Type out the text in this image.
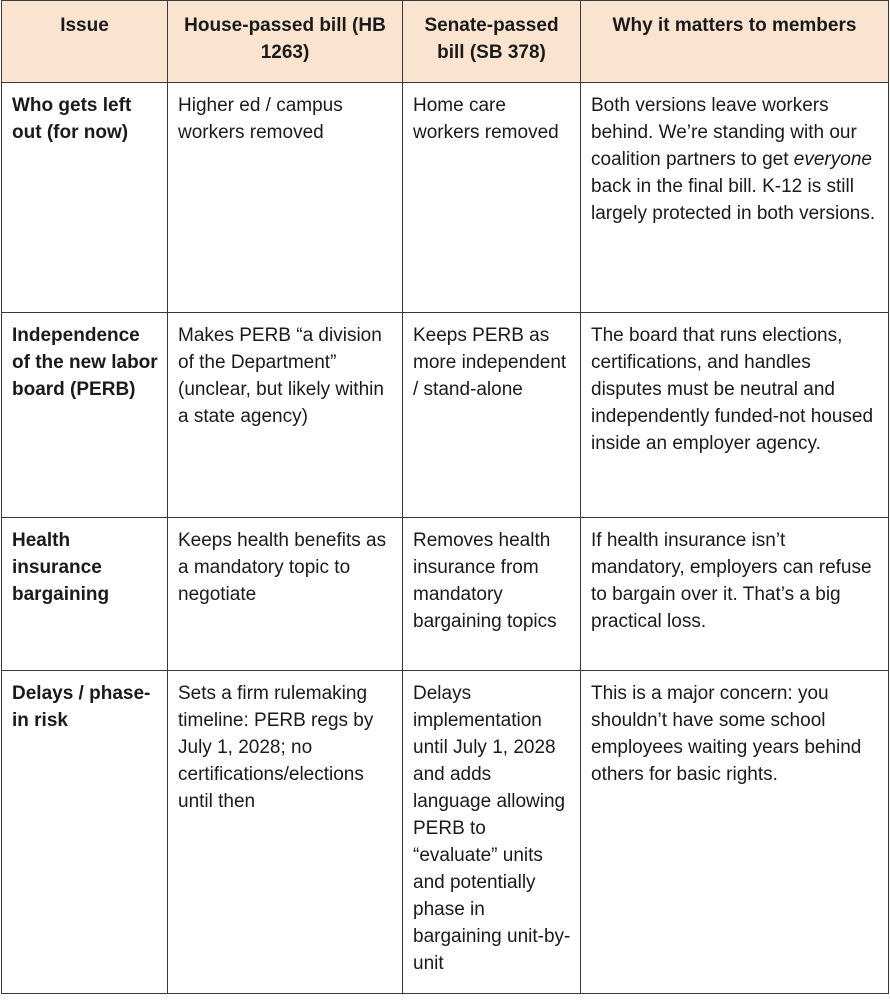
Issue	House-passed bill (HB 1263)	Senate-passed bill (SB 378)	Why it matters to members
Who gets left out (for now)	Higher ed / campus workers removed	Home care workers removed	Both versions leave workers behind. We’re standing with our coalition partners to get everyone back in the final bill. K-12 is still largely protected in both versions.
Independence of the new labor board (PERB)	Makes PERB “a division of the Department” (unclear, but likely within a state agency)	Keeps PERB as more independent / stand-alone	The board that runs elections, certifications, and handles disputes must be neutral and independently funded-not housed inside an employer agency.
Health insurance bargaining	Keeps health benefits as a mandatory topic to negotiate	Removes health insurance from mandatory bargaining topics	If health insurance isn’t mandatory, employers can refuse to bargain over it. That’s a big practical loss.
Delays / phase-in risk	Sets a firm rulemaking timeline: PERB regs by July 1, 2028; no certifications/elections until then	Delays implementation until July 1, 2028 and adds language allowing PERB to “evaluate” units and potentially phase in bargaining unit-by-unit	This is a major concern: you shouldn’t have some school employees waiting years behind others for basic rights.
